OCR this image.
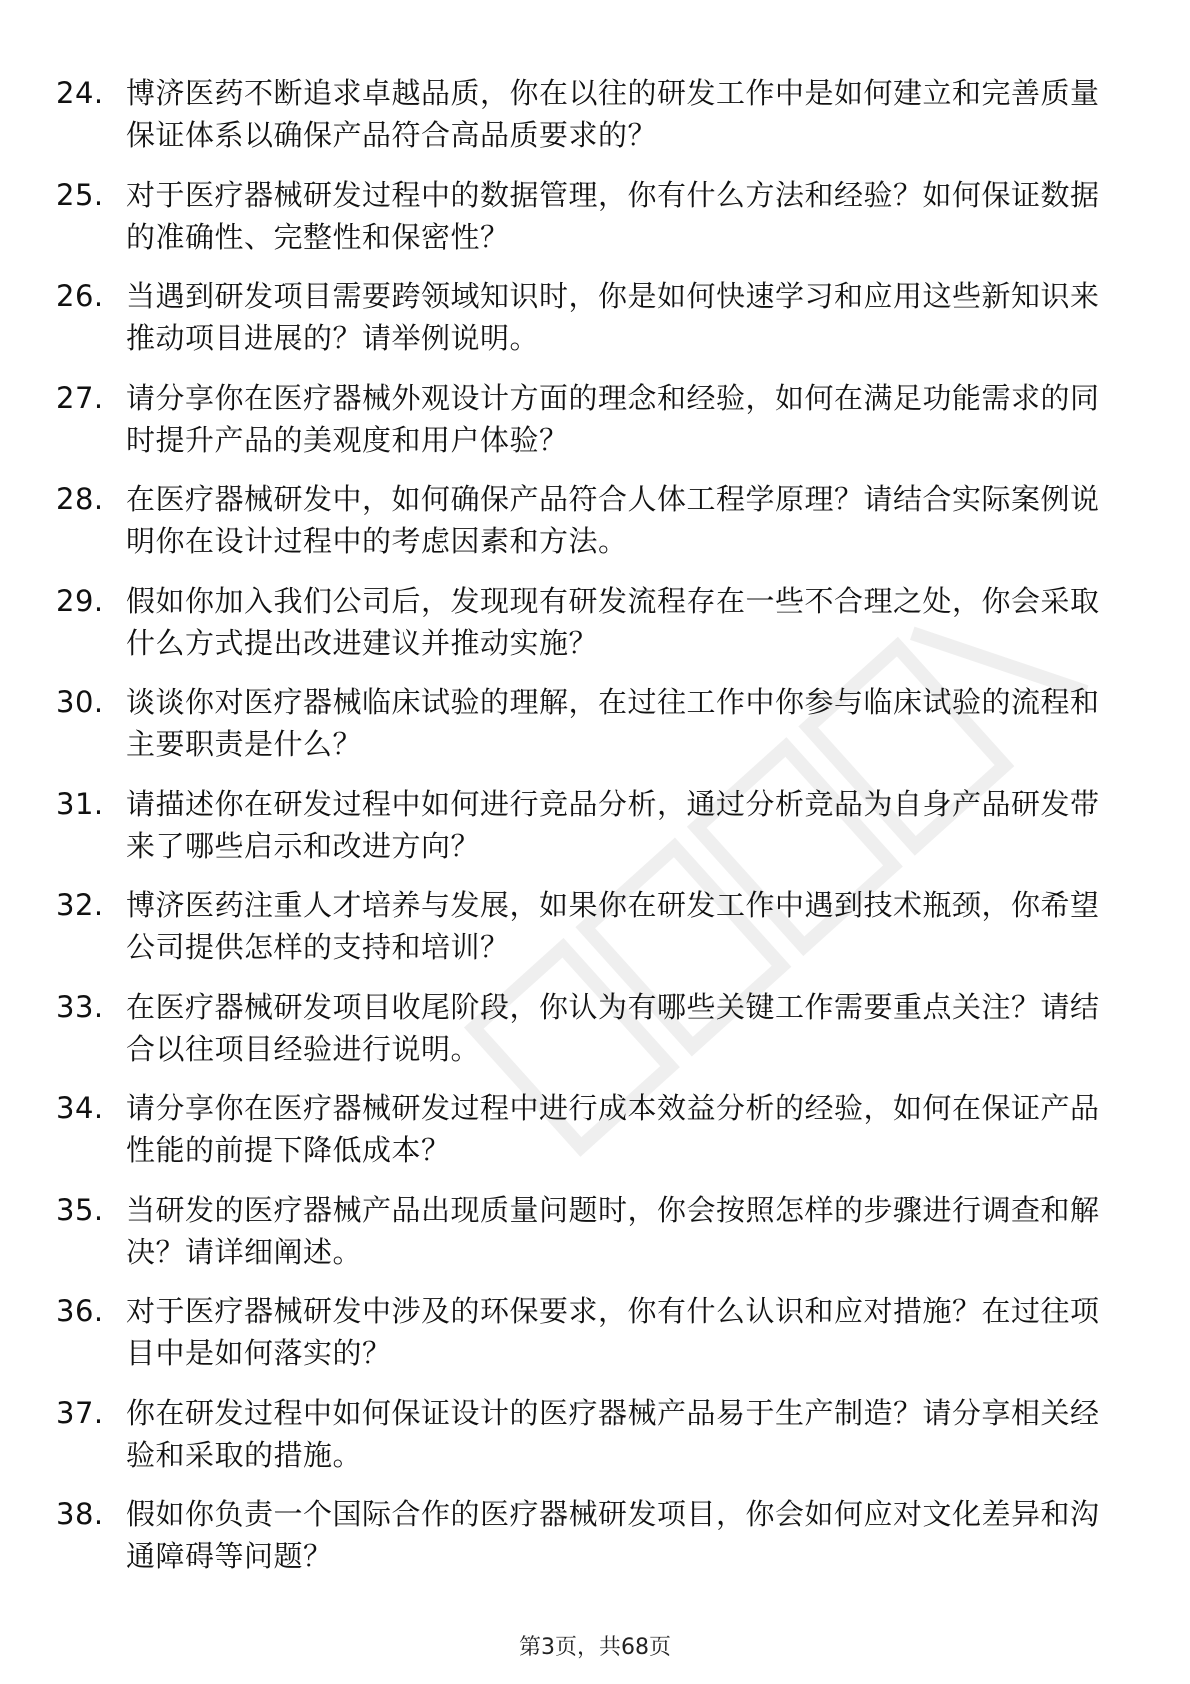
24. 博济医药不断追求卓越品质，你在以往的研发工作中是如何建立和完善质量保证体系以确保产品符合高品质要求的？
25. 对于医疗器械研发过程中的数据管理，你有什么方法和经验？如何保证数据的准确性、完整性和保密性？
26. 当遇到研发项目需要跨领域知识时，你是如何快速学习和应用这些新知识来推动项目进展的？请举例说明。
27. 请分享你在医疗器械外观设计方面的理念和经验，如何在满足功能需求的同时提升产品的美观度和用户体验？
28. 在医疗器械研发中，如何确保产品符合人体工程学原理？请结合实际案例说明你在设计过程中的考虑因素和方法。
29. 假如你加入我们公司后，发现现有研发流程存在一些不合理之处，你会采取什么方式提出改进建议并推动实施？
30. 谈谈你对医疗器械临床试验的理解，在过往工作中你参与临床试验的流程和主要职责是什么？
31. 请描述你在研发过程中如何进行竞品分析，通过分析竞品为自身产品研发带来了哪些启示和改进方向？
32. 博济医药注重人才培养与发展，如果你在研发工作中遇到技术瓶颈，你希望公司提供怎样的支持和培训？
33. 在医疗器械研发项目收尾阶段，你认为有哪些关键工作需要重点关注？请结合以往项目经验进行说明。
34. 请分享你在医疗器械研发过程中进行成本效益分析的经验，如何在保证产品性能的前提下降低成本？
35. 当研发的医疗器械产品出现质量问题时，你会按照怎样的步骤进行调查和解决？请详细阐述。
36. 对于医疗器械研发中涉及的环保要求，你有什么认识和应对措施？在过往项目中是如何落实的？
37. 你在研发过程中如何保证设计的医疗器械产品易于生产制造？请分享相关经验和采取的措施。
38. 假如你负责一个国际合作的医疗器械研发项目，你会如何应对文化差异和沟通障碍等问题？
第3页，共68页
